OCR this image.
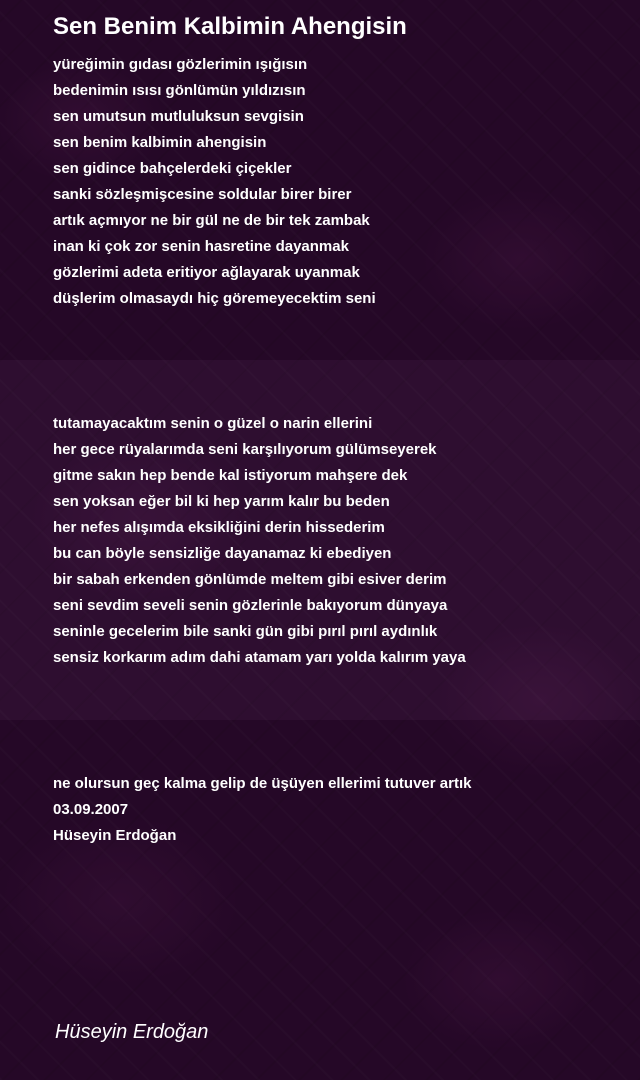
Sen Benim Kalbimin Ahengisin
yüreğimin gıdası gözlerimin ışığısın
bedenimin ısısı gönlümün yıldızısın
sen umutsun mutluluksun sevgisin
sen benim kalbimin ahengisin
sen gidince bahçelerdeki çiçekler
sanki sözleşmişcesine soldular birer birer
artık açmıyor ne bir gül ne de bir tek zambak
inan ki çok zor senin hasretine dayanmak
gözlerimi adeta eritiyor ağlayarak uyanmak
düşlerim olmasaydı hiç göremeyecektim seni
tutamayacaktım senin o güzel o narin ellerini
her gece rüyalarımda seni karşılıyorum gülümseyerek
gitme sakın hep bende kal istiyorum mahşere dek
sen yoksan eğer bil ki hep yarım kalır bu beden
her nefes alışımda eksikliğini derin hissederim
bu can böyle sensizliğe dayanamaz ki ebediyen
bir sabah erkenden gönlümde meltem gibi esiver derim
seni sevdim seveli senin gözlerinle bakıyorum dünyaya
seninle gecelerim bile sanki gün gibi pırıl pırıl aydınlık
sensiz korkarım adım dahi atamam yarı yolda kalırım yaya
ne olursun geç kalma gelip de üşüyen ellerimi tutuver artık
03.09.2007
Hüseyin Erdoğan
Hüseyin Erdoğan
